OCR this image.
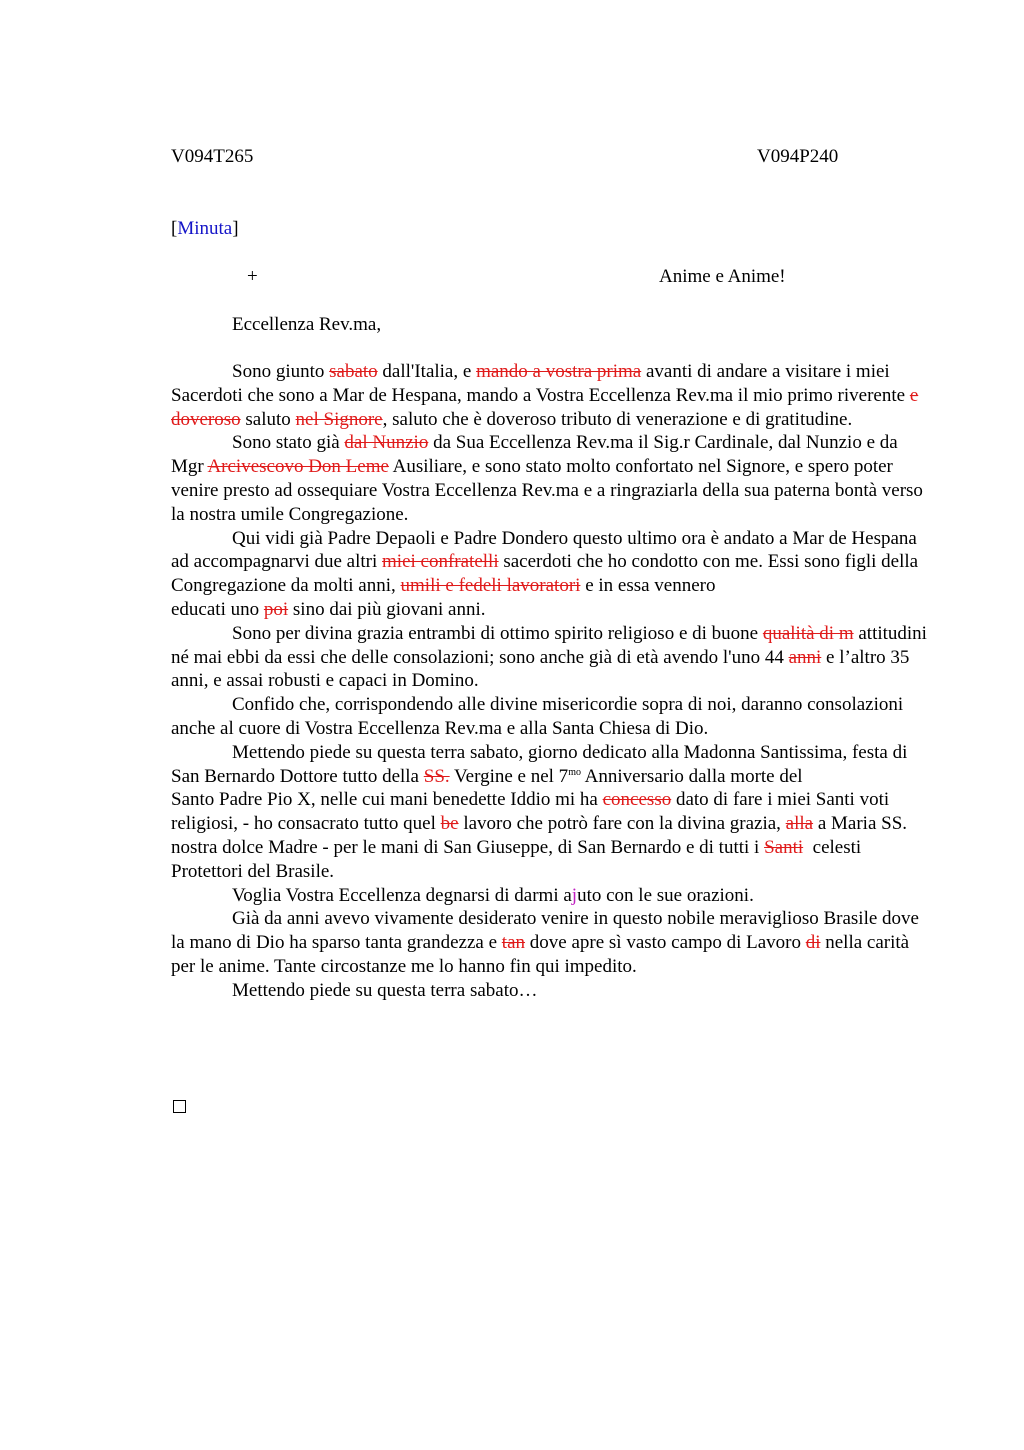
V094T265	V094P240
[Minuta]
+	Anime e Anime!
Eccellenza Rev.ma,

Sono giunto sabato dall'Italia, e mando a vostra prima avanti di andare a visitare i miei Sacerdoti che sono a Mar de Hespana, mando a Vostra Eccellenza Rev.ma il mio primo riverente e doveroso saluto nel Signore, saluto che è doveroso tributo di venerazione e di gratitudine.

Sono stato già dal Nunzio da Sua Eccellenza Rev.ma il Sig.r Cardinale, dal Nunzio e da Mgr Arcivescovo Don Leme Ausiliare, e sono stato molto confortato nel Signore, e spero poter venire presto ad ossequiare Vostra Eccellenza Rev.ma e a ringraziarla della sua paterna bontà verso la nostra umile Congregazione.

Qui vidi già Padre Depaoli e Padre Dondero questo ultimo ora è andato a Mar de Hespana ad accompagnarvi due altri miei confratelli sacerdoti che ho condotto con me. Essi sono figli della Congregazione da molti anni, umili e fedeli lavoratori e in essa vennero

educati uno poi sino dai più giovani anni.

Sono per divina grazia entrambi di ottimo spirito religioso e di buone qualità di m attitudini né mai ebbi da essi che delle consolazioni; sono anche già di età avendo l'uno 44 anni e l’altro 35 anni, e assai robusti e capaci in Domino.

Confido che, corrispondendo alle divine misericordie sopra di noi, daranno consolazioni anche al cuore di Vostra Eccellenza Rev.ma e alla Santa Chiesa di Dio.

Mettendo piede su questa terra sabato, giorno dedicato alla Madonna Santissima, festa di San Bernardo Dottore tutto della SS. Vergine e nel $7^{mo}$ Anniversario dalla morte del

Santo Padre Pio X, nelle cui mani benedette Iddio mi ha concesso dato di fare i miei Santi voti religiosi, - ho consacrato tutto quel be lavoro che potrò fare con la divina grazia, alla a Maria SS. nostra dolce Madre - per le mani di San Giuseppe, di San Bernardo e di tutti i Santi  celesti Protettori del Brasile.

Voglia Vostra Eccellenza degnarsi di darmi ajuto con le sue orazioni.

Già da anni avevo vivamente desiderato venire in questo nobile meraviglioso Brasile dove la mano di Dio ha sparso tanta grandezza e tan dove apre sì vasto campo di Lavoro di nella carità per le anime. Tante circostanze me lo hanno fin qui impedito.

Mettendo piede su questa terra sabato…
